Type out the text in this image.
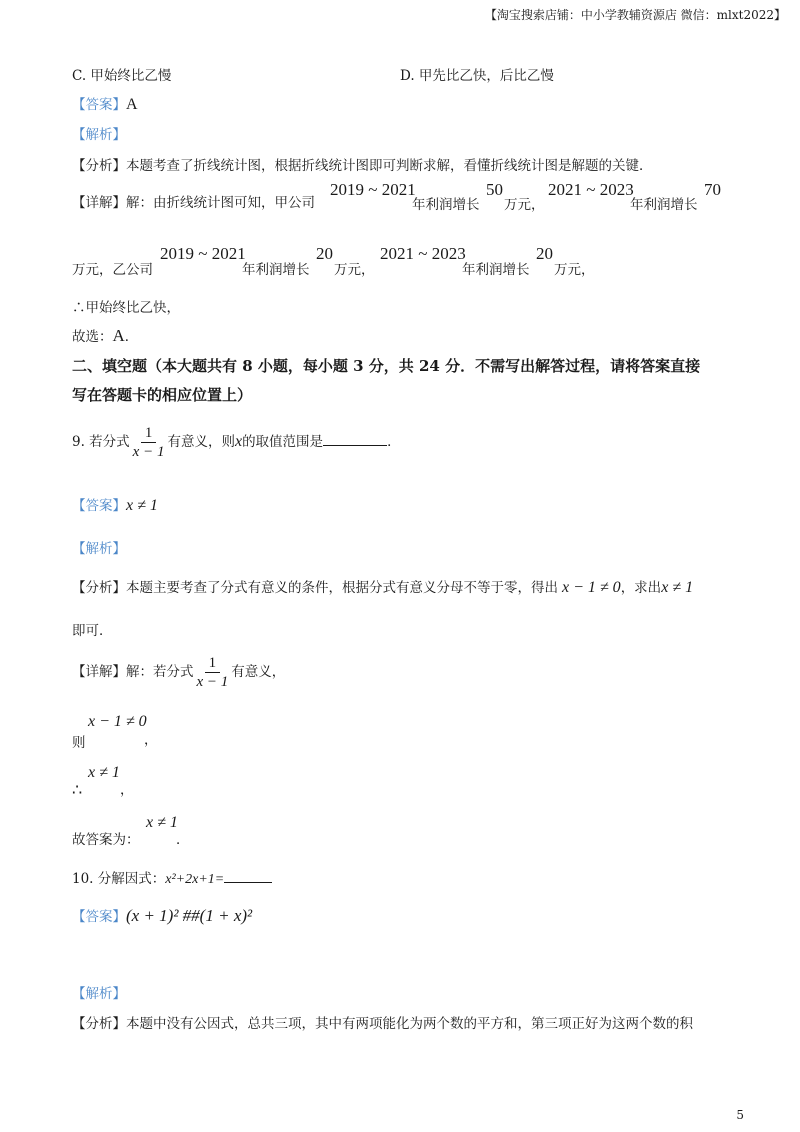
【淘宝搜索店铺：中小学教辅资源店 微信：mlxt2022】
C. 甲始终比乙慢	D. 甲先比乙快，后比乙慢
【答案】A
【解析】
【分析】本题考查了折线统计图，根据折线统计图即可判断求解，看懂折线统计图是解题的关键．
【详解】解：由折线统计图可知，甲公司
2019 ~ 2021
年利润增长
50
万元，
2021 ~ 2023
年利润增长
70
万元，乙公司
2019 ~ 2021
年利润增长
20
万元，
2021 ~ 2023
年利润增长
20
万元，
∴甲始终比乙快，
故选：A．
二、填空题（本大题共有 8 小题，每小题 3 分，共 24 分．不需写出解答过程，请将答案直接
写在答题卡的相应位置上）
9. 若分式 $\frac{1}{x - 1}$ 有意义，则x的取值范围是	．
【答案】x ≠ 1
【解析】
【分析】本题主要考查了分式有意义的条件，根据分式有意义分母不等于零，得出 x − 1 ≠ 0，求出x ≠ 1
即可．
【详解】解：若分式 $\frac{1}{x - 1}$ 有意义，
则
x − 1 ≠ 0
，
∴
x ≠ 1
，
故答案为：
x ≠ 1
．
10. 分解因式：x²+2x+1=
【答案】(x + 1)² ##(1 + x)²
【解析】
【分析】本题中没有公因式，总共三项，其中有两项能化为两个数的平方和，第三项正好为这两个数的积
5
